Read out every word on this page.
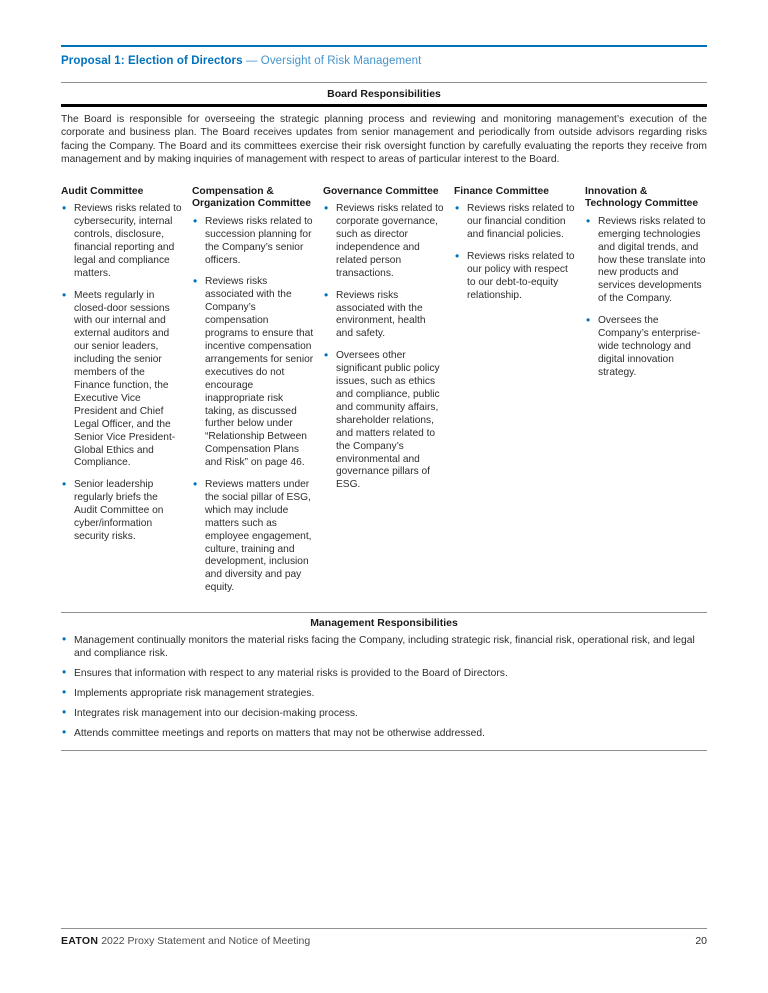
Proposal 1: Election of Directors — Oversight of Risk Management
Board Responsibilities

The Board is responsible for overseeing the strategic planning process and reviewing and monitoring management’s execution of the corporate and business plan. The Board receives updates from senior management and periodically from outside advisors regarding risks facing the Company. The Board and its committees exercise their risk oversight function by carefully evaluating the reports they receive from management and by making inquiries of management with respect to areas of particular interest to the Board.

Audit Committee
• Reviews risks related to cybersecurity, internal controls, disclosure, financial reporting and legal and compliance matters.
• Meets regularly in closed-door sessions with our internal and external auditors and our senior leaders, including the senior members of the Finance function, the Executive Vice President and Chief Legal Officer, and the Senior Vice President-Global Ethics and Compliance.
• Senior leadership regularly briefs the Audit Committee on cyber/information security risks.
Compensation & Organization Committee
• Reviews risks related to succession planning for the Company’s senior officers.
• Reviews risks associated with the Company’s compensation programs to ensure that incentive compensation arrangements for senior executives do not encourage inappropriate risk taking, as discussed further below under “Relationship Between Compensation Plans and Risk” on page 46.
• Reviews matters under the social pillar of ESG, which may include matters such as employee engagement, culture, training and development, inclusion and diversity and pay equity.
Governance Committee
• Reviews risks related to corporate governance, such as director independence and related person transactions.
• Reviews risks associated with the environment, health and safety.
• Oversees other significant public policy issues, such as ethics and compliance, public and community affairs, shareholder relations, and matters related to the Company’s environmental and governance pillars of ESG.
Finance Committee
• Reviews risks related to our financial condition and financial policies.
• Reviews risks related to our policy with respect to our debt-to-equity relationship.
Innovation & Technology Committee
• Reviews risks related to emerging technologies and digital trends, and how these translate into new products and services developments of the Company.
• Oversees the Company’s enterprise-wide technology and digital innovation strategy.
Management Responsibilities
• Management continually monitors the material risks facing the Company, including strategic risk, financial risk, operational risk, and legal and compliance risk.
• Ensures that information with respect to any material risks is provided to the Board of Directors.
• Implements appropriate risk management strategies.
• Integrates risk management into our decision-making process.
• Attends committee meetings and reports on matters that may not be otherwise addressed.
EATON 2022 Proxy Statement and Notice of Meeting	20
